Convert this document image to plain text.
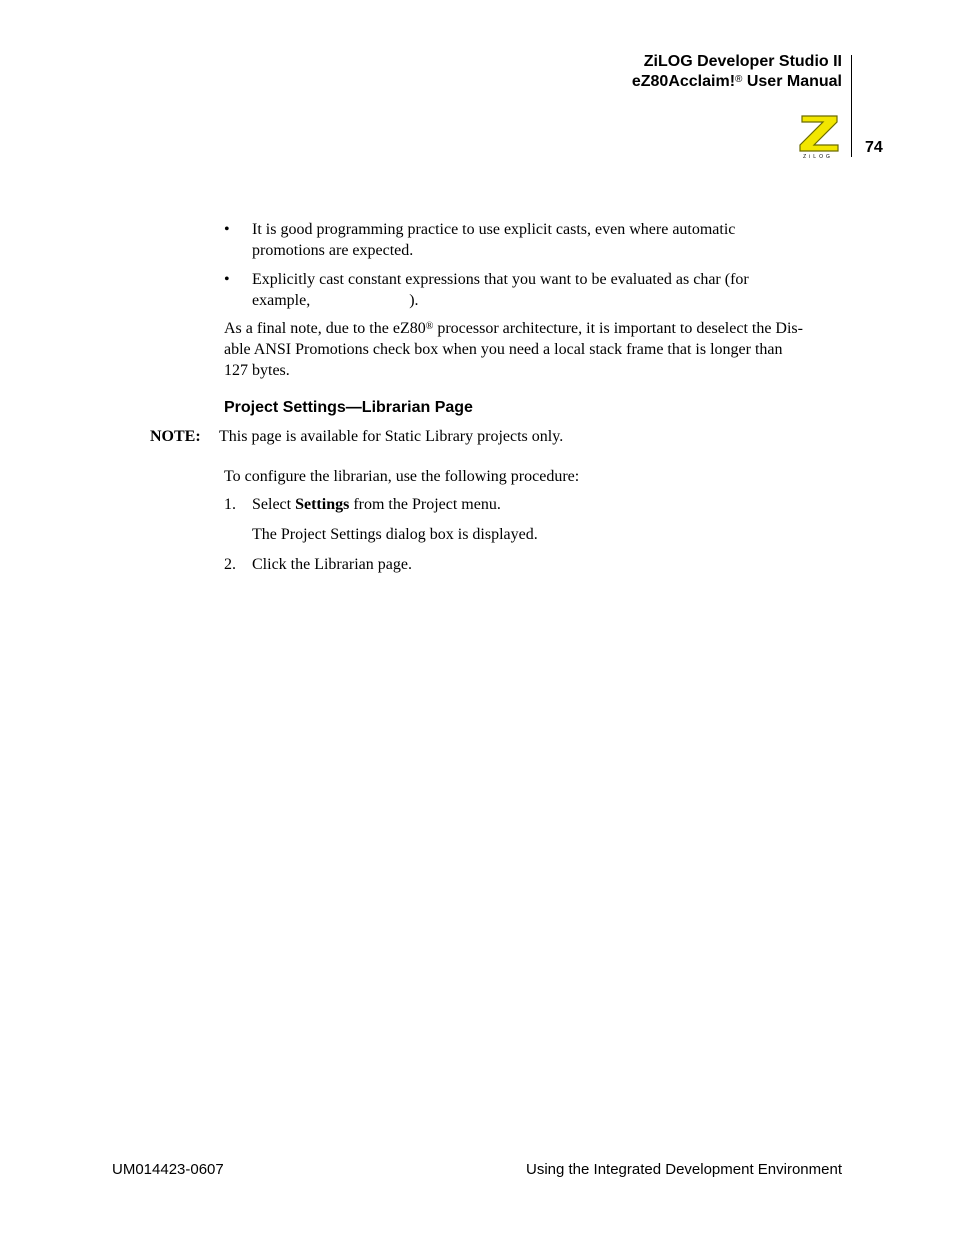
ZiLOG Developer Studio II
eZ80Acclaim!® User Manual
ZiLOG
74
• It is good programming practice to use explicit casts, even where automatic
promotions are expected.
• Explicitly cast constant expressions that you want to be evaluated as char (for
example,	).
As a final note, due to the eZ80® processor architecture, it is important to deselect the Dis-
able ANSI Promotions check box when you need a local stack frame that is longer than
127 bytes.
Project Settings—Librarian Page
NOTE: This page is available for Static Library projects only.
To configure the librarian, use the following procedure:
1. Select Settings from the Project menu.
The Project Settings dialog box is displayed.
2. Click the Librarian page.
UM014423-0607	Using the Integrated Development Environment
